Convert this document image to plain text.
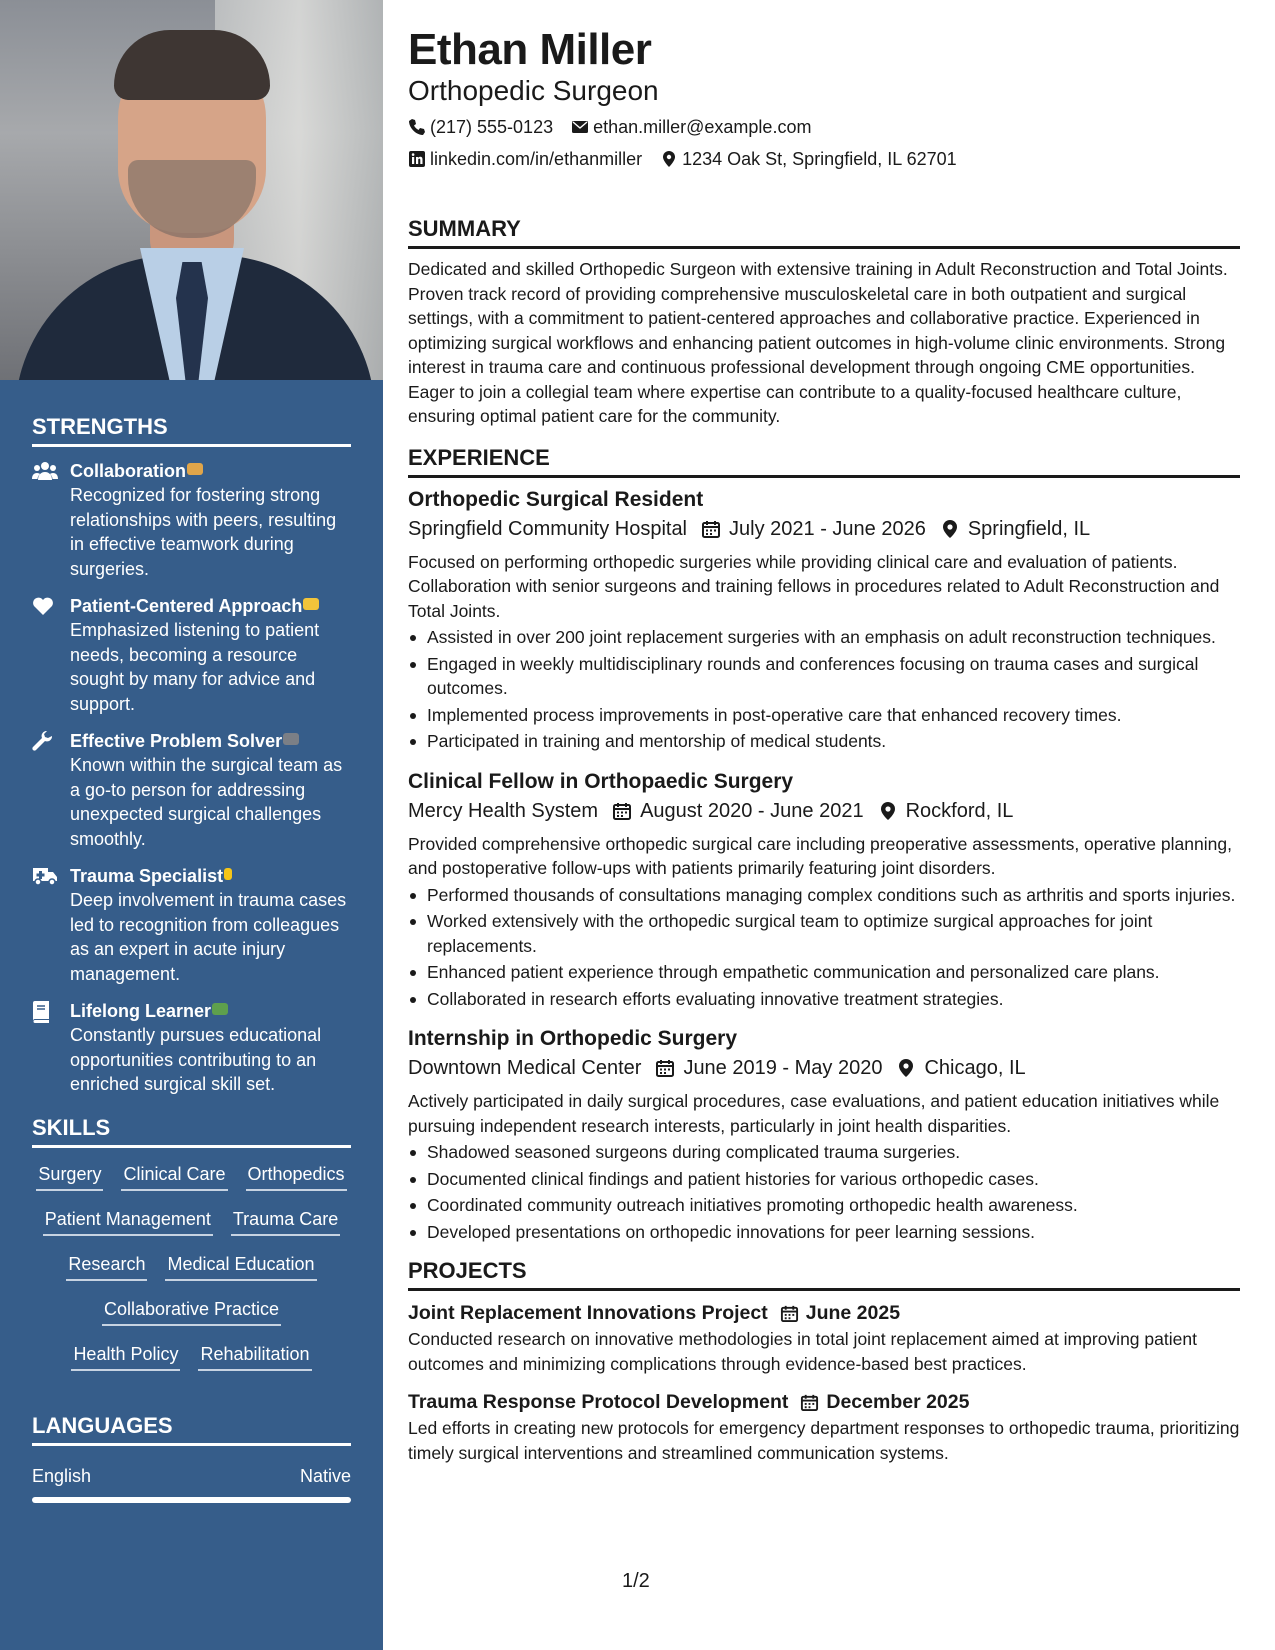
STRENGTHS
Collaboration
Recognized for fostering strong relationships with peers, resulting in effective teamwork during surgeries.
Patient-Centered Approach
Emphasized listening to patient needs, becoming a resource sought by many for advice and support.
Effective Problem Solver
Known within the surgical team as a go-to person for addressing unexpected surgical challenges smoothly.
Trauma Specialist
Deep involvement in trauma cases led to recognition from colleagues as an expert in acute injury management.
Lifelong Learner
Constantly pursues educational opportunities contributing to an enriched surgical skill set.
SKILLS
Surgery Clinical Care Orthopedics
Patient Management Trauma Care
Research Medical Education
Collaborative Practice
Health Policy Rehabilitation
LANGUAGES
English	Native
Ethan Miller
Orthopedic Surgeon
(217) 555-0123 ethan.miller@example.com
linkedin.com/in/ethanmiller 1234 Oak St, Springfield, IL 62701
SUMMARY

Dedicated and skilled Orthopedic Surgeon with extensive training in Adult Reconstruction and Total Joints. Proven track record of providing comprehensive musculoskeletal care in both outpatient and surgical settings, with a commitment to patient-centered approaches and collaborative practice. Experienced in optimizing surgical workflows and enhancing patient outcomes in high-volume clinic environments. Strong interest in trauma care and continuous professional development through ongoing CME opportunities. Eager to join a collegial team where expertise can contribute to a quality-focused healthcare culture, ensuring optimal patient care for the community.

EXPERIENCE
Orthopedic Surgical Resident
Springfield Community Hospital July 2021 - June 2026 Springfield, IL

Focused on performing orthopedic surgeries while providing clinical care and evaluation of patients. Collaboration with senior surgeons and training fellows in procedures related to Adult Reconstruction and Total Joints.

Assisted in over 200 joint replacement surgeries with an emphasis on adult reconstruction techniques.
Engaged in weekly multidisciplinary rounds and conferences focusing on trauma cases and surgical outcomes.
Implemented process improvements in post-operative care that enhanced recovery times.
Participated in training and mentorship of medical students.
Clinical Fellow in Orthopaedic Surgery
Mercy Health System August 2020 - June 2021 Rockford, IL

Provided comprehensive orthopedic surgical care including preoperative assessments, operative planning, and postoperative follow-ups with patients primarily featuring joint disorders.

Performed thousands of consultations managing complex conditions such as arthritis and sports injuries.
Worked extensively with the orthopedic surgical team to optimize surgical approaches for joint replacements.
Enhanced patient experience through empathetic communication and personalized care plans.
Collaborated in research efforts evaluating innovative treatment strategies.
Internship in Orthopedic Surgery
Downtown Medical Center June 2019 - May 2020 Chicago, IL

Actively participated in daily surgical procedures, case evaluations, and patient education initiatives while pursuing independent research interests, particularly in joint health disparities.

Shadowed seasoned surgeons during complicated trauma surgeries.
Documented clinical findings and patient histories for various orthopedic cases.
Coordinated community outreach initiatives promoting orthopedic health awareness.
Developed presentations on orthopedic innovations for peer learning sessions.
PROJECTS
Joint Replacement Innovations Project June 2025

Conducted research on innovative methodologies in total joint replacement aimed at improving patient outcomes and minimizing complications through evidence-based best practices.

Trauma Response Protocol Development December 2025

Led efforts in creating new protocols for emergency department responses to orthopedic trauma, prioritizing timely surgical interventions and streamlined communication systems.

1/2
